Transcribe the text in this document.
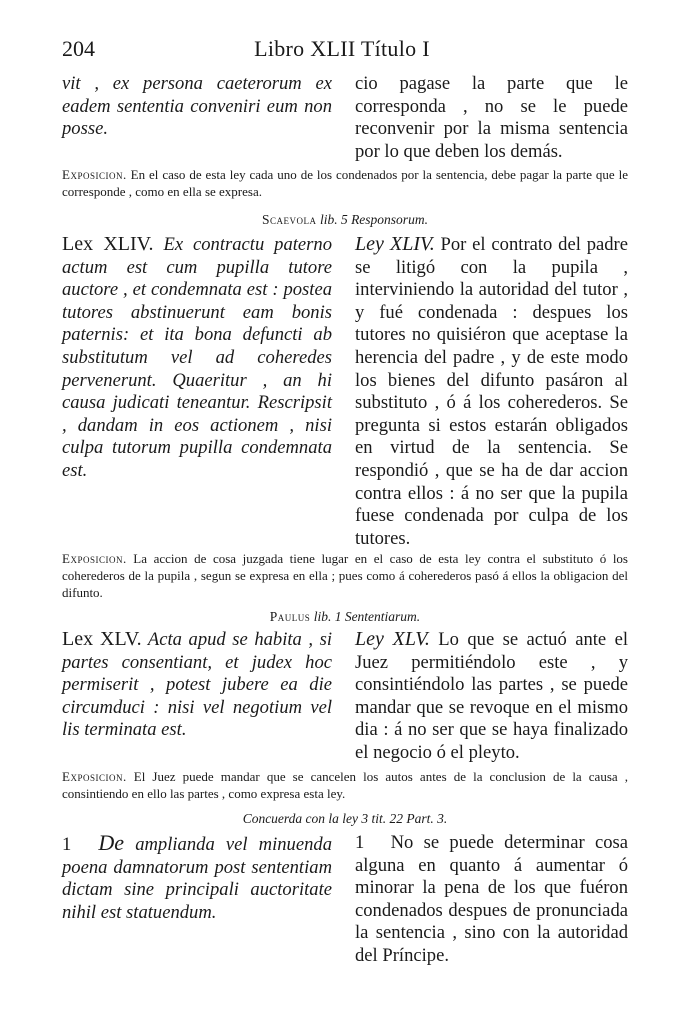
204	Libro XLII Título I

vit , ex persona caeterorum ex eadem sententia conveniri eum non posse.

cio pagase la parte que le corresponda , no se le puede reconvenir por la misma sentencia por lo que deben los demás.

Exposicion. En el caso de esta ley cada uno de los condenados por la sentencia, debe pagar la parte que le corresponde , como en ella se expresa.
Scaevola lib. 5 Responsorum.

Lex XLIV. Ex contractu paterno actum est cum pupilla tutore auctore , et condemnata est : postea tutores abstinuerunt eam bonis paternis: et ita bona defuncti ab substitutum vel ad coheredes pervenerunt. Quaeritur , an hi causa judicati teneantur. Rescripsit , dandam in eos actionem , nisi culpa tutorum pupilla condemnata est.

Ley XLIV. Por el contrato del padre se litigó con la pupila , interviniendo la autoridad del tutor , y fué condenada : despues los tutores no quisiéron que aceptase la herencia del padre , y de este modo los bienes del difunto pasáron al substituto , ó á los coherederos. Se pregunta si estos estarán obligados en virtud de la sentencia. Se respondió , que se ha de dar accion contra ellos : á no ser que la pupila fuese condenada por culpa de los tutores.

Exposicion. La accion de cosa juzgada tiene lugar en el caso de esta ley contra el substituto ó los coherederos de la pupila , segun se expresa en ella ; pues como á coherederos pasó á ellos la obligacion del difunto.
Paulus lib. 1 Sententiarum.

Lex XLV. Acta apud se habita , si partes consentiant, et judex hoc permiserit , potest jubere ea die circumduci : nisi vel negotium vel lis terminata est.

Ley XLV. Lo que se actuó ante el Juez permitiéndolo este , y consintiéndolo las partes , se puede mandar que se revoque en el mismo dia : á no ser que se haya finalizado el negocio ó el pleyto.

Exposicion. El Juez puede mandar que se cancelen los autos antes de la conclusion de la causa , consintiendo en ello las partes , como expresa esta ley.
Concuerda con la ley 3 tit. 22 Part. 3.

1 De amplianda vel minuenda poena damnatorum post sententiam dictam sine principali auctoritate nihil est statuendum.

1 No se puede determinar cosa alguna en quanto á aumentar ó minorar la pena de los que fuéron condenados despues de pronunciada la sentencia , sino con la autoridad del Príncipe.
